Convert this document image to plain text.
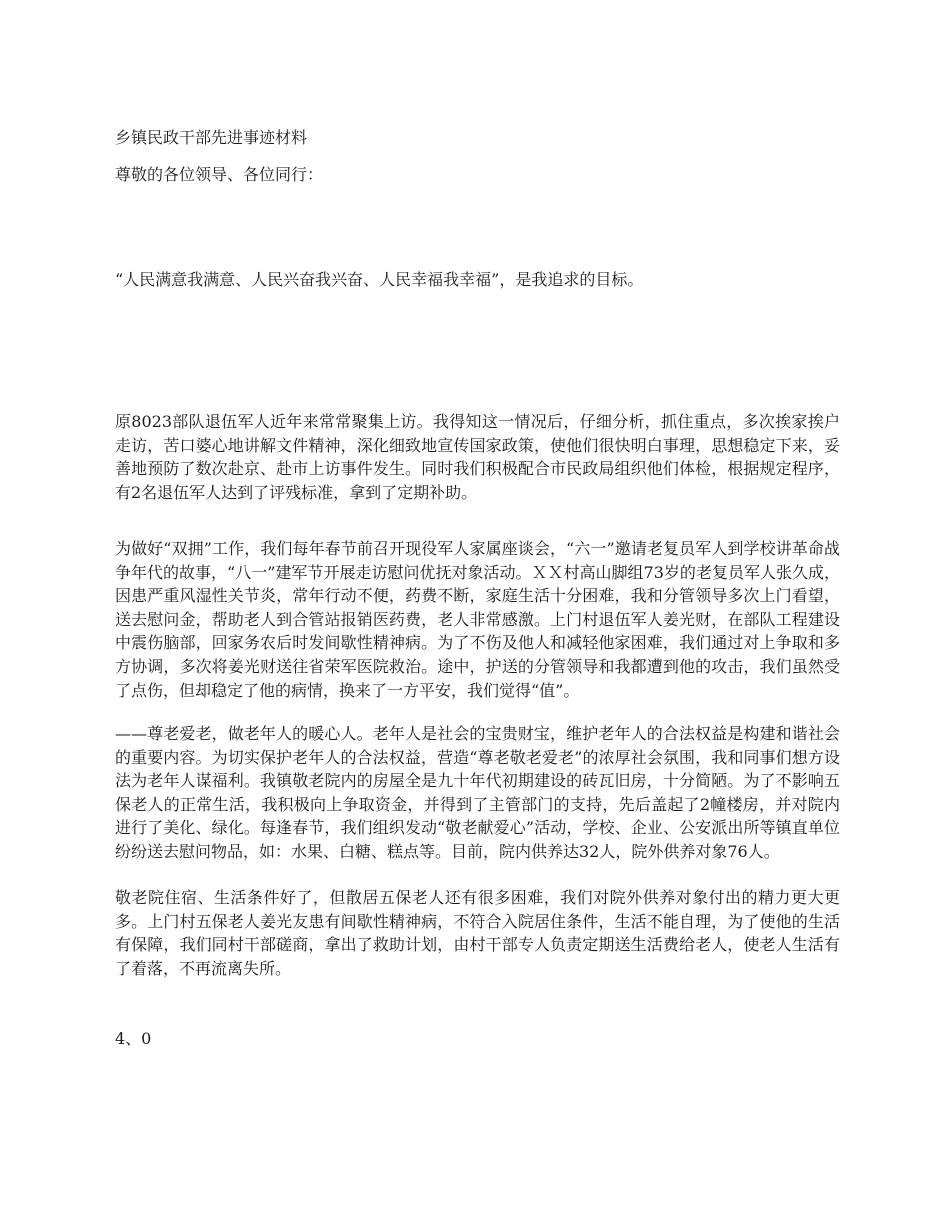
乡镇民政干部先进事迹材料
尊敬的各位领导、各位同行：
“人民满意我满意、人民兴奋我兴奋、人民幸福我幸福”，是我追求的目标。
原8023部队退伍军人近年来常常聚集上访。我得知这一情况后，仔细分析，抓住重点，多次挨家挨户走访，苦口婆心地讲解文件精神，深化细致地宣传国家政策，使他们很快明白事理，思想稳定下来，妥善地预防了数次赴京、赴市上访事件发生。同时我们积极配合市民政局组织他们体检，根据规定程序，有2名退伍军人达到了评残标准，拿到了定期补助。
为做好“双拥”工作，我们每年春节前召开现役军人家属座谈会，“六一”邀请老复员军人到学校讲革命战争年代的故事，“八一”建军节开展走访慰问优抚对象活动。ＸＸ村高山脚组73岁的老复员军人张久成，因患严重风湿性关节炎，常年行动不便，药费不断，家庭生活十分困难，我和分管领导多次上门看望，送去慰问金，帮助老人到合管站报销医药费，老人非常感激。上门村退伍军人姜光财，在部队工程建设中震伤脑部，回家务农后时发间歇性精神病。为了不伤及他人和减轻他家困难，我们通过对上争取和多方协调，多次将姜光财送往省荣军医院救治。途中，护送的分管领导和我都遭到他的攻击，我们虽然受了点伤，但却稳定了他的病情，换来了一方平安，我们觉得“值”。
——尊老爱老，做老年人的暖心人。老年人是社会的宝贵财宝，维护老年人的合法权益是构建和谐社会的重要内容。为切实保护老年人的合法权益，营造“尊老敬老爱老”的浓厚社会氛围，我和同事们想方设法为老年人谋福利。我镇敬老院内的房屋全是九十年代初期建设的砖瓦旧房，十分简陋。为了不影响五保老人的正常生活，我积极向上争取资金，并得到了主管部门的支持，先后盖起了2幢楼房，并对院内进行了美化、绿化。每逢春节，我们组织发动“敬老献爱心”活动，学校、企业、公安派出所等镇直单位纷纷送去慰问物品，如：水果、白糖、糕点等。目前，院内供养达32人，院外供养对象76人。
敬老院住宿、生活条件好了，但散居五保老人还有很多困难，我们对院外供养对象付出的精力更大更多。上门村五保老人姜光友患有间歇性精神病，不符合入院居住条件，生活不能自理，为了使他的生活有保障，我们同村干部磋商，拿出了救助计划，由村干部专人负责定期送生活费给老人，使老人生活有了着落，不再流离失所。
4、0
